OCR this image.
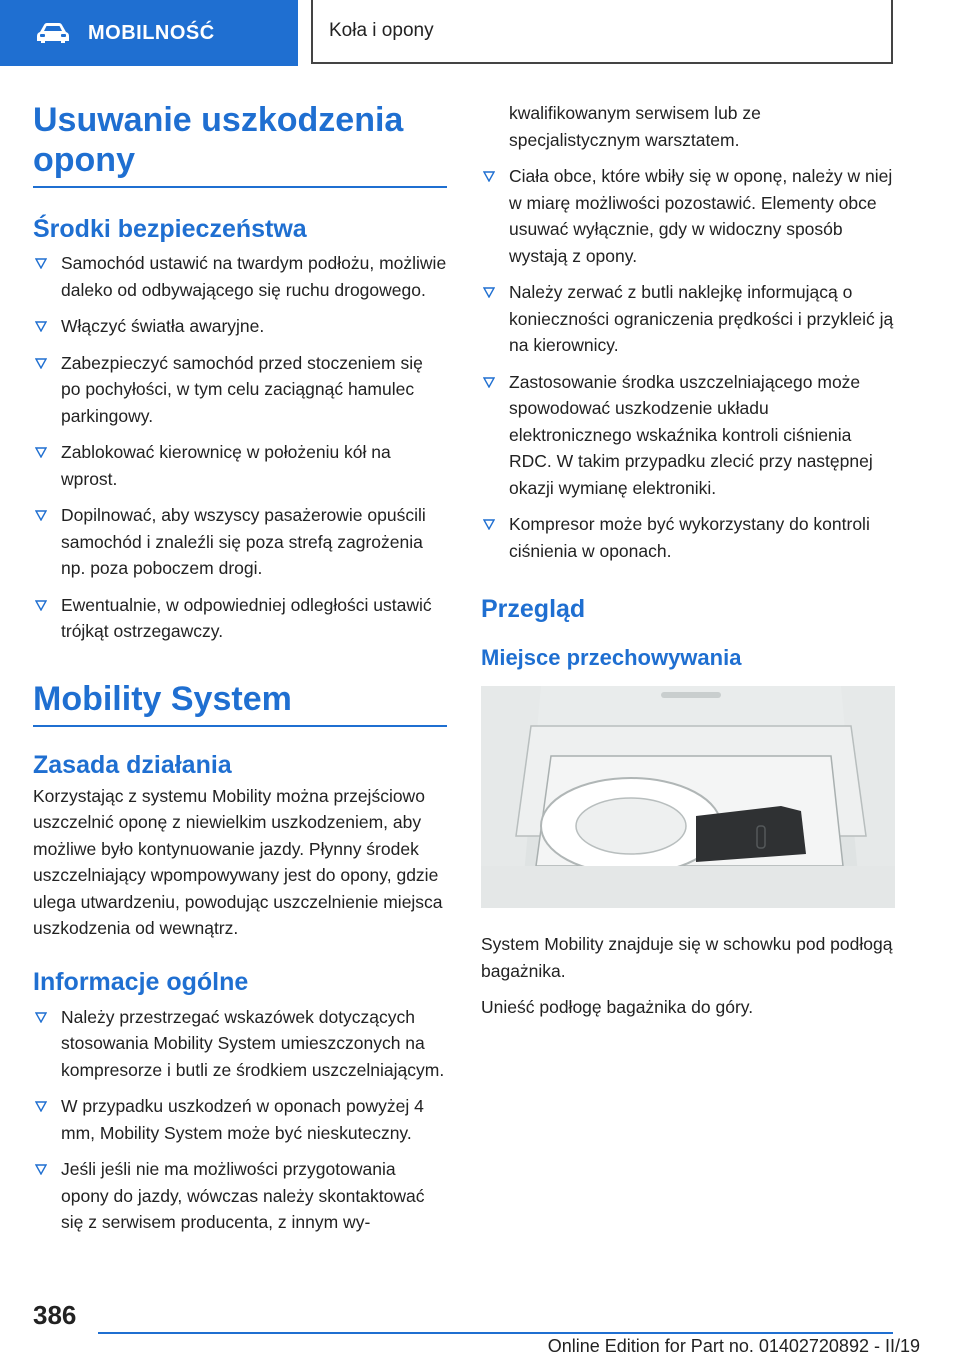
MOBILNOŚĆ	Koła i opony
Usuwanie uszkodzenia opony
Środki bezpieczeństwa
Samochód ustawić na twardym podłożu, możliwie daleko od odbywającego się ruchu drogowego.
Włączyć światła awaryjne.
Zabezpieczyć samochód przed stoczeniem się po pochyłości, w tym celu zaciągnąć hamulec parkingowy.
Zablokować kierownicę w położeniu kół na wprost.
Dopilnować, aby wszyscy pasażerowie opuścili samochód i znaleźli się poza strefą zagrożenia np. poza poboczem drogi.
Ewentualnie, w odpowiedniej odległości ustawić trójkąt ostrzegawczy.
Mobility System
Zasada działania

Korzystając z systemu Mobility można przejściowo uszczelnić oponę z niewielkim uszkodzeniem, aby możliwe było kontynuowanie jazdy. Płynny środek uszczelniający wpompowywany jest do opony, gdzie ulega utwardzeniu, powodując uszczelnienie miejsca uszkodzenia od wewnątrz.

Informacje ogólne
Należy przestrzegać wskazówek dotyczących stosowania Mobility System umieszczonych na kompresorze i butli ze środkiem uszczelniającym.
W przypadku uszkodzeń w oponach powyżej 4 mm, Mobility System może być nieskuteczny.
Jeśli jeśli nie ma możliwości przygotowania opony do jazdy, wówczas należy skontaktować się z serwisem producenta, z innym wy-

kwalifikowanym serwisem lub ze specjalistycznym warsztatem.

Ciała obce, które wbiły się w oponę, należy w niej w miarę możliwości pozostawić. Elementy obce usuwać wyłącznie, gdy w widoczny sposób wystają z opony.
Należy zerwać z butli naklejkę informującą o konieczności ograniczenia prędkości i przykleić ją na kierownicy.
Zastosowanie środka uszczelniającego może spowodować uszkodzenie układu elektronicznego wskaźnika kontroli ciśnienia RDC. W takim przypadku zlecić przy następnej okazji wymianę elektroniki.
Kompresor może być wykorzystany do kontroli ciśnienia w oponach.
Przegląd
Miejsce przechowywania

System Mobility znajduje się w schowku pod podłogą bagażnika.

Unieść podłogę bagażnika do góry.

386
Online Edition for Part no. 01402720892 - II/19
